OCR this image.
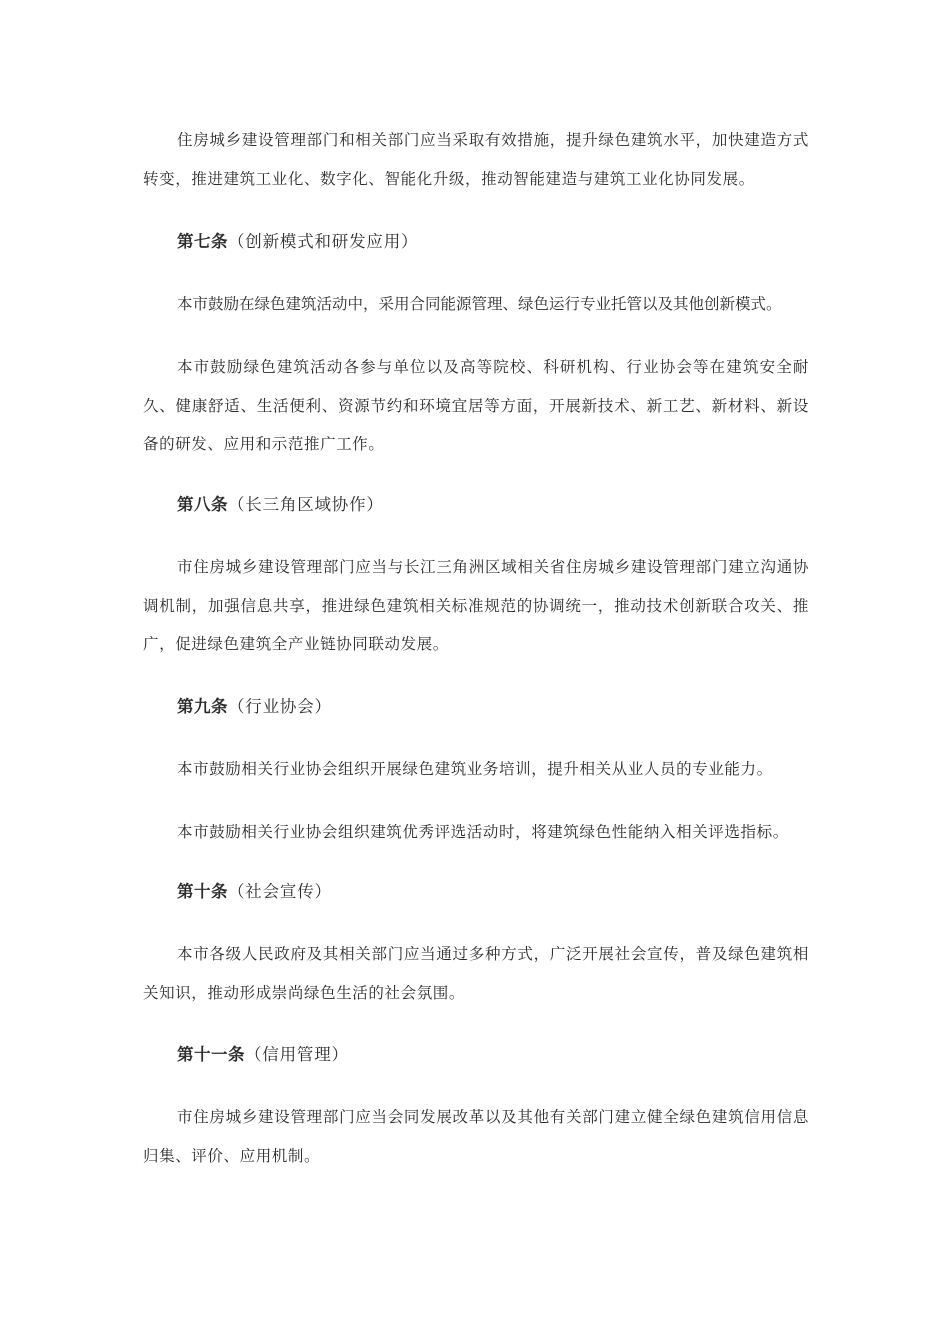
住房城乡建设管理部门和相关部门应当采取有效措施，提升绿色建筑水平，加快建造方式转变，推进建筑工业化、数字化、智能化升级，推动智能建造与建筑工业化协同发展。

第七条（创新模式和研发应用）

本市鼓励在绿色建筑活动中，采用合同能源管理、绿色运行专业托管以及其他创新模式。

本市鼓励绿色建筑活动各参与单位以及高等院校、科研机构、行业协会等在建筑安全耐久、健康舒适、生活便利、资源节约和环境宜居等方面，开展新技术、新工艺、新材料、新设备的研发、应用和示范推广工作。

第八条（长三角区域协作）

市住房城乡建设管理部门应当与长江三角洲区域相关省住房城乡建设管理部门建立沟通协调机制，加强信息共享，推进绿色建筑相关标准规范的协调统一，推动技术创新联合攻关、推广，促进绿色建筑全产业链协同联动发展。

第九条（行业协会）

本市鼓励相关行业协会组织开展绿色建筑业务培训，提升相关从业人员的专业能力。

本市鼓励相关行业协会组织建筑优秀评选活动时，将建筑绿色性能纳入相关评选指标。

第十条（社会宣传）

本市各级人民政府及其相关部门应当通过多种方式，广泛开展社会宣传，普及绿色建筑相关知识，推动形成崇尚绿色生活的社会氛围。

第十一条（信用管理）

市住房城乡建设管理部门应当会同发展改革以及其他有关部门建立健全绿色建筑信用信息归集、评价、应用机制。
